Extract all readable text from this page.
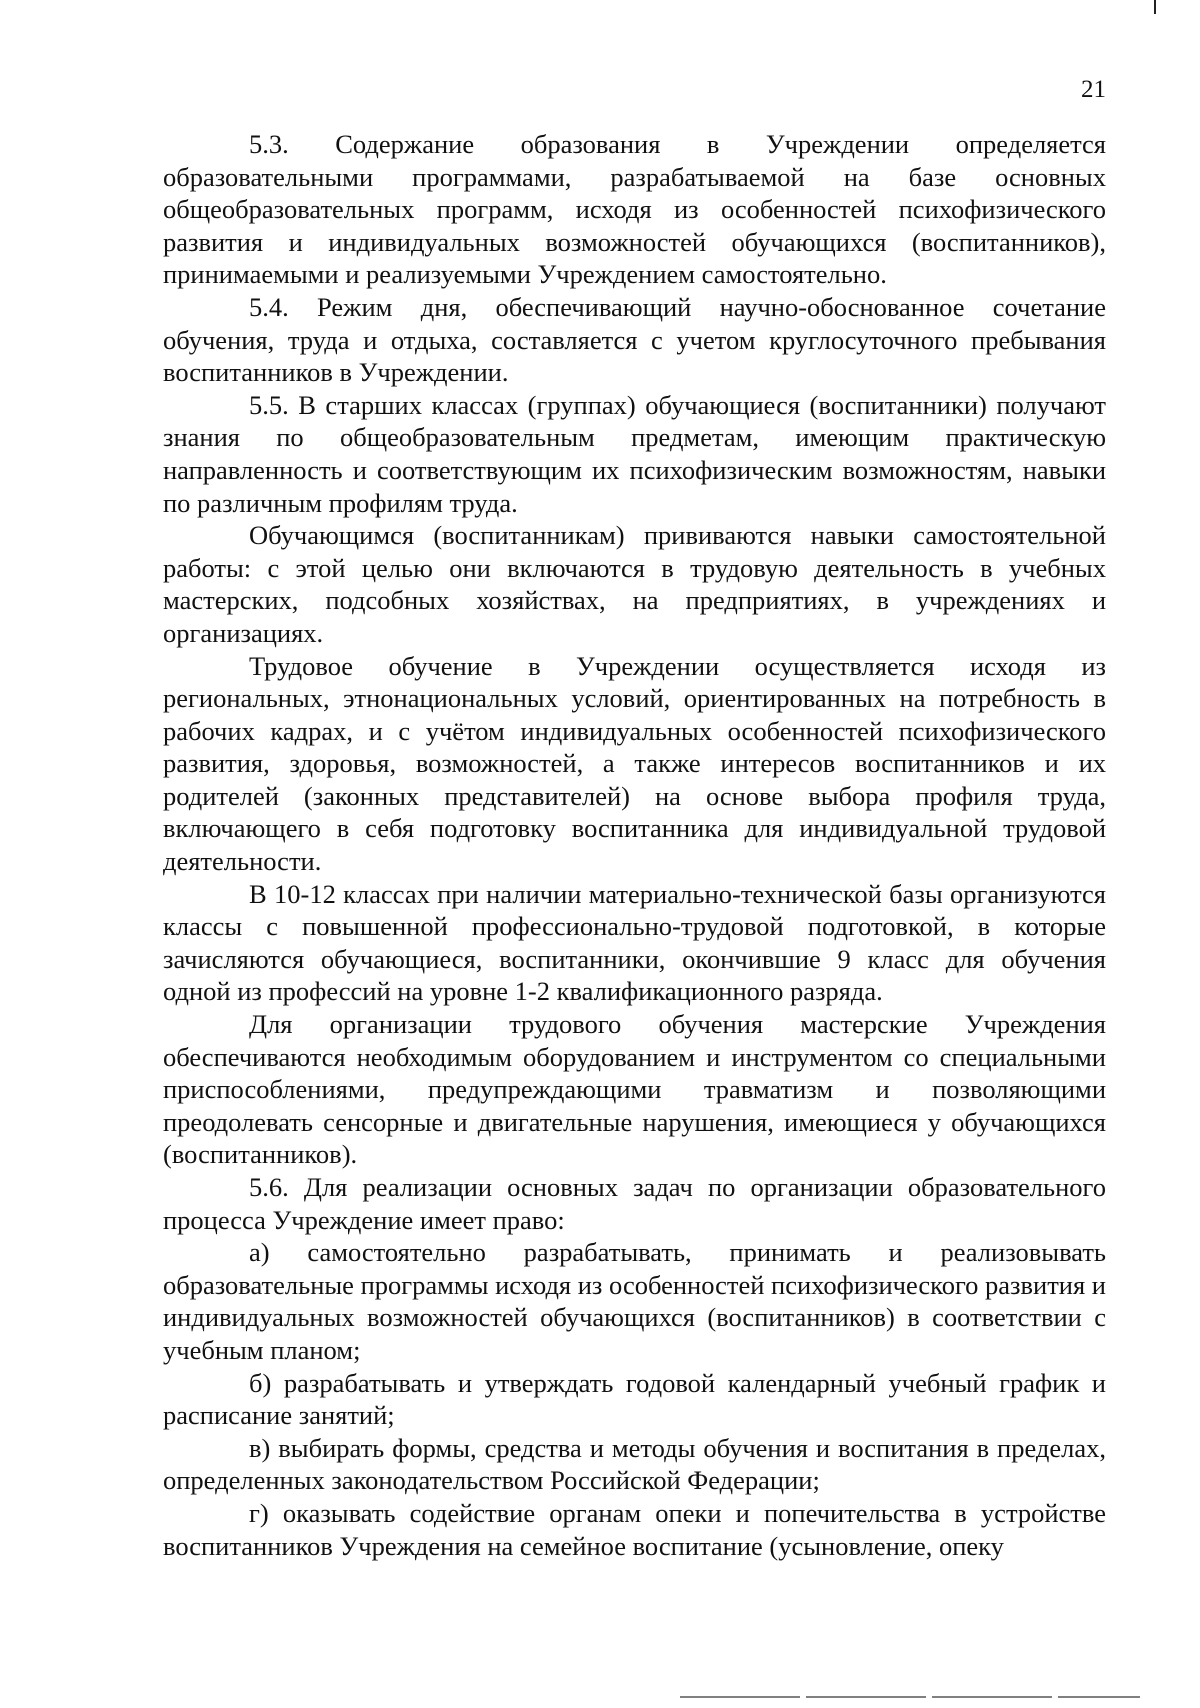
21

5.3. Содержание образования в Учреждении определяется образовательными программами, разрабатываемой на базе основных общеобразовательных программ, исходя из особенностей психофизического развития и индивидуальных возможностей обучающихся (воспитанников), принимаемыми и реализуемыми Учреждением самостоятельно.

5.4. Режим дня, обеспечивающий научно-обоснованное сочетание обучения, труда и отдыха, составляется с учетом круглосуточного пребывания воспитанников в Учреждении.

5.5. В старших классах (группах) обучающиеся (воспитанники) получают знания по общеобразовательным предметам, имеющим практическую направленность и соответствующим их психофизическим возможностям, навыки по различным профилям труда.

Обучающимся (воспитанникам) прививаются навыки самостоятельной работы: с этой целью они включаются в трудовую деятельность в учебных мастерских, подсобных хозяйствах, на предприятиях, в учреждениях и организациях.

Трудовое обучение в Учреждении осуществляется исходя из региональных, этнонациональных условий, ориентированных на потребность в рабочих кадрах, и с учётом индивидуальных особенностей психофизического развития, здоровья, возможностей, а также интересов воспитанников и их родителей (законных представителей) на основе выбора профиля труда, включающего в себя подготовку воспитанника для индивидуальной трудовой деятельности.

В 10-12 классах при наличии материально-технической базы организуются классы с повышенной профессионально-трудовой подготовкой, в которые зачисляются обучающиеся, воспитанники, окончившие 9 класс для обучения одной из профессий на уровне 1-2 квалификационного разряда.

Для организации трудового обучения мастерские Учреждения обеспечиваются необходимым оборудованием и инструментом со специальными приспособлениями, предупреждающими травматизм и позволяющими преодолевать сенсорные и двигательные нарушения, имеющиеся у обучающихся (воспитанников).

5.6. Для реализации основных задач по организации образовательного процесса Учреждение имеет право:

а) самостоятельно разрабатывать, принимать и реализовывать образовательные программы исходя из особенностей психофизического развития и индивидуальных возможностей обучающихся (воспитанников) в соответствии с учебным планом;

б) разрабатывать и утверждать годовой календарный учебный график и расписание занятий;

в) выбирать формы, средства и методы обучения и воспитания в пределах, определенных законодательством Российской Федерации;

г) оказывать содействие органам опеки и попечительства в устройстве воспитанников Учреждения на семейное воспитание (усыновление, опеку
